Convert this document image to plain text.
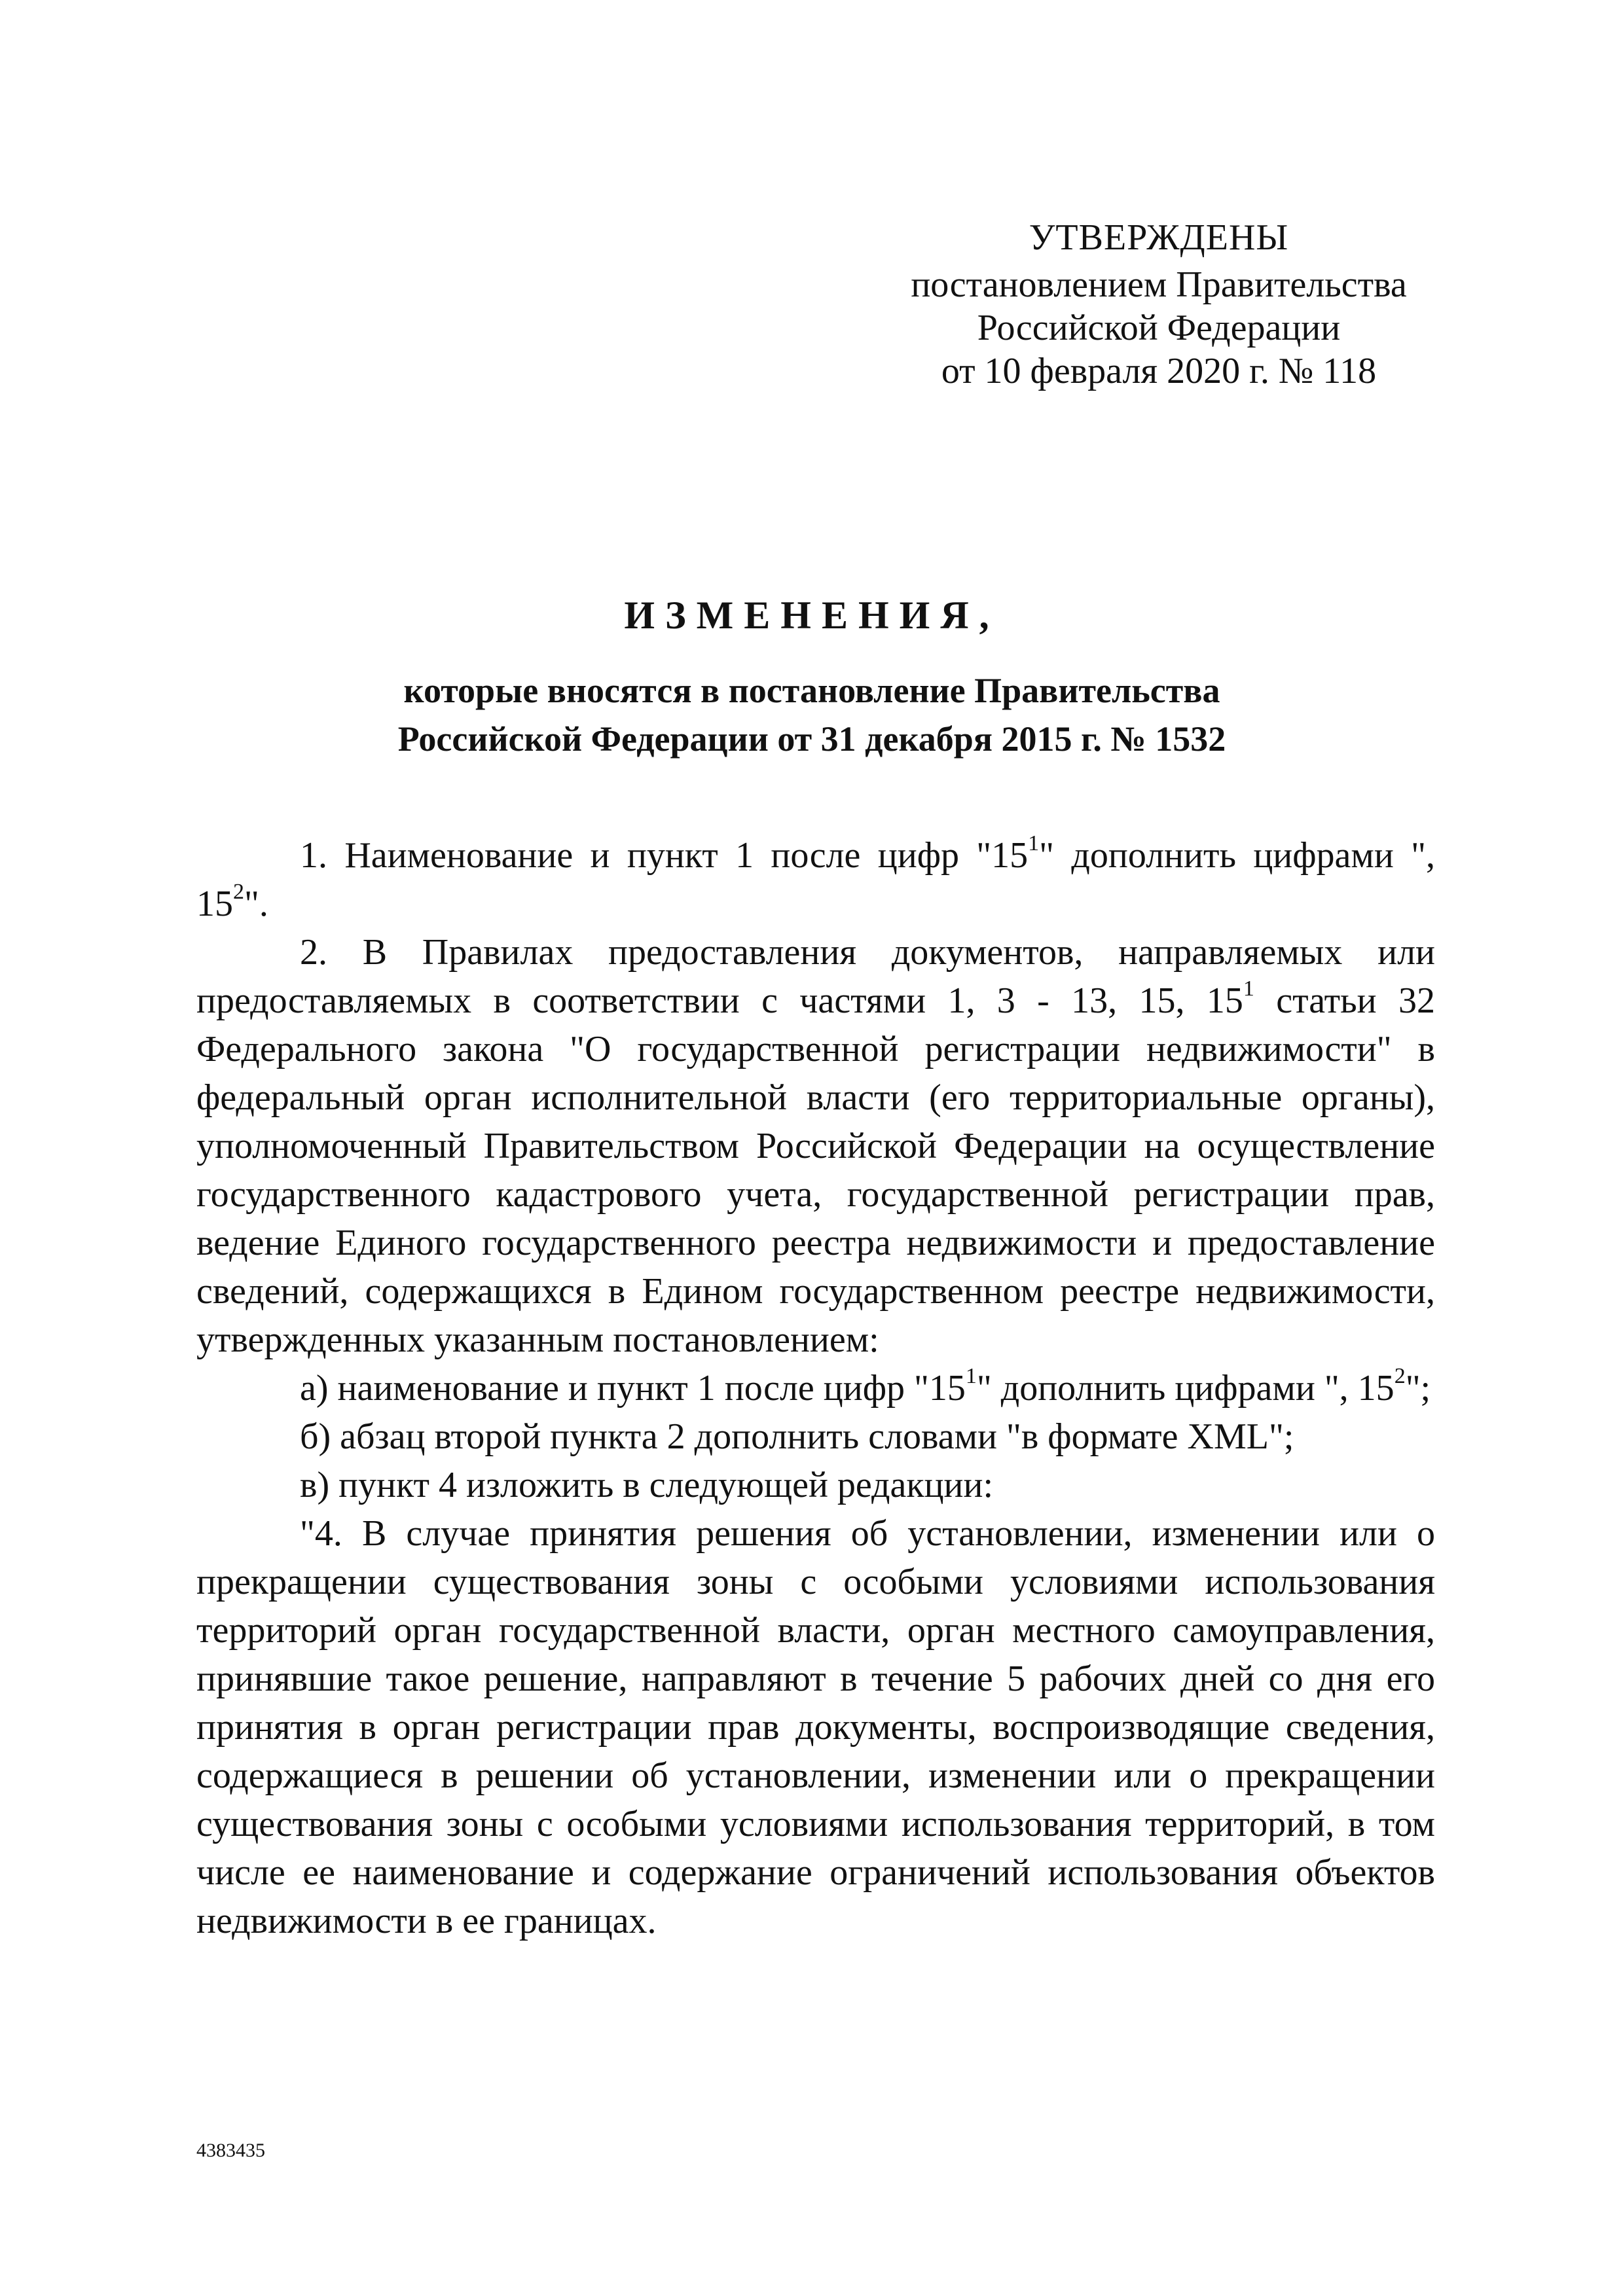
УТВЕРЖДЕНЫ
постановлением Правительства
Российской Федерации
от 10 февраля 2020 г. № 118
ИЗМЕНЕНИЯ,
которые вносятся в постановление Правительства
Российской Федерации от 31 декабря 2015 г. № 1532

1. Наименование и пункт 1 после цифр "$15^1$" дополнить цифрами ", $15^2$".

2. В Правилах предоставления документов, направляемых или предоставляемых в соответствии с частями 1, 3 - 13, 15, $15^1$ статьи 32 Федерального закона "О государственной регистрации недвижимости" в федеральный орган исполнительной власти (его территориальные органы), уполномоченный Правительством Российской Федерации на осуществление государственного кадастрового учета, государственной регистрации прав, ведение Единого государственного реестра недвижимости и предоставление сведений, содержащихся в Едином государственном реестре недвижимости, утвержденных указанным постановлением:

а) наименование и пункт 1 после цифр "$15^1$" дополнить цифрами ", $15^2$";

б) абзац второй пункта 2 дополнить словами "в формате XML";

в) пункт 4 изложить в следующей редакции:

"4. В случае принятия решения об установлении, изменении или о прекращении существования зоны с особыми условиями использования территорий орган государственной власти, орган местного самоуправления, принявшие такое решение, направляют в течение 5 рабочих дней со дня его принятия в орган регистрации прав документы, воспроизводящие сведения, содержащиеся в решении об установлении, изменении или о прекращении существования зоны с особыми условиями использования территорий, в том числе ее наименование и содержание ограничений использования объектов недвижимости в ее границах.

4383435
